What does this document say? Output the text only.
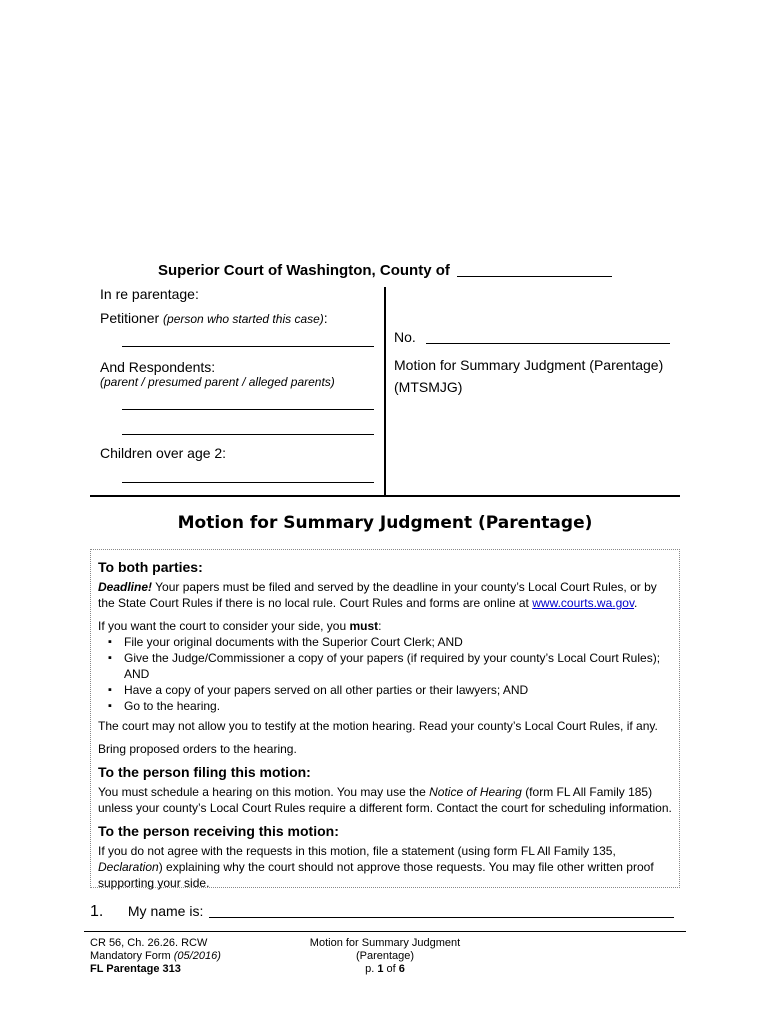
Superior Court of Washington, County of
In re parentage:
Petitioner (person who started this case):
And Respondents:
(parent / presumed parent / alleged parents)
Children over age 2:
No.
Motion for Summary Judgment (Parentage)
(MTSMJG)
Motion for Summary Judgment (Parentage)
To both parties:

Deadline! Your papers must be filed and served by the deadline in your county’s Local Court Rules, or by the State Court Rules if there is no local rule. Court Rules and forms are online at www.courts.wa.gov.

If you want the court to consider your side, you must:

▪ File your original documents with the Superior Court Clerk; AND
▪ Give the Judge/Commissioner a copy of your papers (if required by your county’s Local Court Rules); AND
▪ Have a copy of your papers served on all other parties or their lawyers; AND
▪ Go to the hearing.

The court may not allow you to testify at the motion hearing. Read your county’s Local Court Rules, if any.

Bring proposed orders to the hearing.

To the person filing this motion:

You must schedule a hearing on this motion. You may use the Notice of Hearing (form FL All Family 185) unless your county’s Local Court Rules require a different form. Contact the court for scheduling information.

To the person receiving this motion:

If you do not agree with the requests in this motion, file a statement (using form FL All Family 135, Declaration) explaining why the court should not approve those requests. You may file other written proof supporting your side.

1. My name is:
CR 56, Ch. 26.26. RCW
Mandatory Form (05/2016)
FL Parentage 313
Motion for Summary Judgment
(Parentage)
p. 1 of 6
